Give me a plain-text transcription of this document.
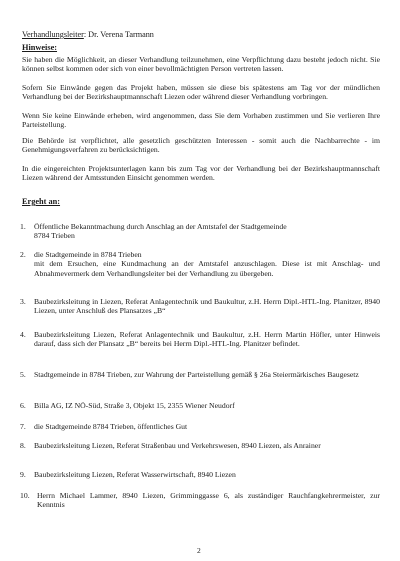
Verhandlungsleiter: Dr. Verena Tarmann
Hinweise:

Sie haben die Möglichkeit, an dieser Verhandlung teilzunehmen, eine Verpflichtung dazu besteht jedoch nicht. Sie können selbst kommen oder sich von einer bevollmächtigten Person vertreten lassen.

Sofern Sie Einwände gegen das Projekt haben, müssen sie diese bis spätestens am Tag vor der mündlichen Verhandlung bei der Bezirkshauptmannschaft Liezen oder während dieser Verhandlung vorbringen.

Wenn Sie keine Einwände erheben, wird angenommen, dass Sie dem Vorhaben zustimmen und Sie verlieren Ihre Parteistellung.

Die Behörde ist verpflichtet, alle gesetzlich geschützten Interessen - somit auch die Nachbarrechte - im Genehmigungsverfahren zu berücksichtigen.

In die eingereichten Projektsunterlagen kann bis zum Tag vor der Verhandlung bei der Bezirkshauptmannschaft Liezen während der Amtsstunden Einsicht genommen werden.

Ergeht an:
1. Öffentliche Bekanntmachung durch Anschlag an der Amtstafel der Stadtgemeinde
8784 Trieben
2. die Stadtgemeinde in 8784 Trieben
mit dem Ersuchen, eine Kundmachung an der Amtstafel anzuschlagen. Diese ist mit Anschlag- und Abnahmevermerk dem Verhandlungsleiter bei der Verhandlung zu übergeben.
3. Baubezirksleitung in Liezen, Referat Anlagentechnik und Baukultur, z.H. Herrn Dipl.-HTL-Ing. Planitzer, 8940 Liezen, unter Anschluß des Plansatzes „B“
4. Baubezirksleitung Liezen, Referat Anlagentechnik und Baukultur, z.H. Herrn Martin Höfler, unter Hinweis darauf, dass sich der Plansatz „B“ bereits bei Herrn Dipl.-HTL-Ing. Planitzer befindet.
5. Stadtgemeinde in 8784 Trieben, zur Wahrung der Parteistellung gemäß § 26a Steiermärkisches Baugesetz
6. Billa AG, IZ NÖ-Süd, Straße 3, Objekt 15, 2355 Wiener Neudorf
7. die Stadtgemeinde 8784 Trieben, öffentliches Gut
8. Baubezirksleitung Liezen, Referat Straßenbau und Verkehrswesen, 8940 Liezen, als Anrainer
9. Baubezirksleitung Liezen, Referat Wasserwirtschaft, 8940 Liezen
10. Herrn Michael Lammer, 8940 Liezen, Grimminggasse 6, als zuständiger Rauchfangkehrermeister, zur Kenntnis
2
